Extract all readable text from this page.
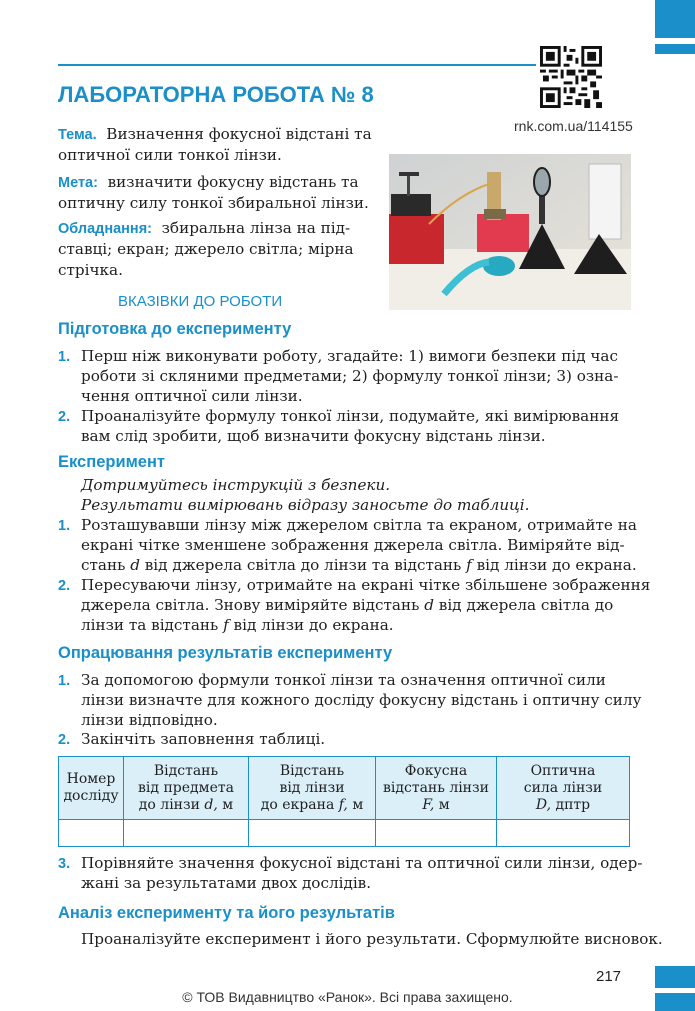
ЛАБОРАТОРНА РОБОТА № 8
rnk.com.ua/114155

Тема. Визначення фокусної відстані та

оптичної сили тонкої лінзи.

Мета: визначити фокусну відстань та

оптичну силу тонкої збиральної лінзи.

Обладнання: збиральна лінза на під-

ставці; екран; джерело світла; мірна

стрічка.

ВКАЗІВКИ ДО РОБОТИ
Підготовка до експерименту
1. Перш ніж виконувати роботу, згадайте: 1) вимоги безпеки під час

роботи зі скляними предметами; 2) формулу тонкої лінзи; 3) озна-

чення оптичної сили лінзи.

2. Проаналізуйте формулу тонкої лінзи, подумайте, які вимірювання

вам слід зробити, щоб визначити фокусну відстань лінзи.

Експеримент

Дотримуйтесь інструкцій з безпеки.

Результати вимірювань відразу заносьте до таблиці.

1. Розташувавши лінзу між джерелом світла та екраном, отримайте на

екрані чітке зменшене зображення джерела світла. Виміряйте від-

стань d від джерела світла до лінзи та відстань f від лінзи до екрана.

2. Пересуваючи лінзу, отримайте на екрані чітке збільшене зображення

джерела світла. Знову виміряйте відстань d від джерела світла до

лінзи та відстань f від лінзи до екрана.

Опрацювання результатів експерименту
1. За допомогою формули тонкої лінзи та означення оптичної сили

лінзи визначте для кожного досліду фокусну відстань і оптичну силу

лінзи відповідно.

2. Закінчіть заповнення таблиці.

Номер
досліду	Відстань
від предмета
до лінзи d, м	Відстань
від лінзи
до екрана f, м	Фокусна
відстань лінзи
F, м	Оптична
сила лінзи
D, дптр

3. Порівняйте значення фокусної відстані та оптичної сили лінзи, одер-

жані за результатами двох дослідів.

Аналіз експерименту та його результатів

Проаналізуйте експеримент і його результати. Сформулюйте висновок.

217
© ТОВ Видавництво «Ранок». Всі права захищено.
